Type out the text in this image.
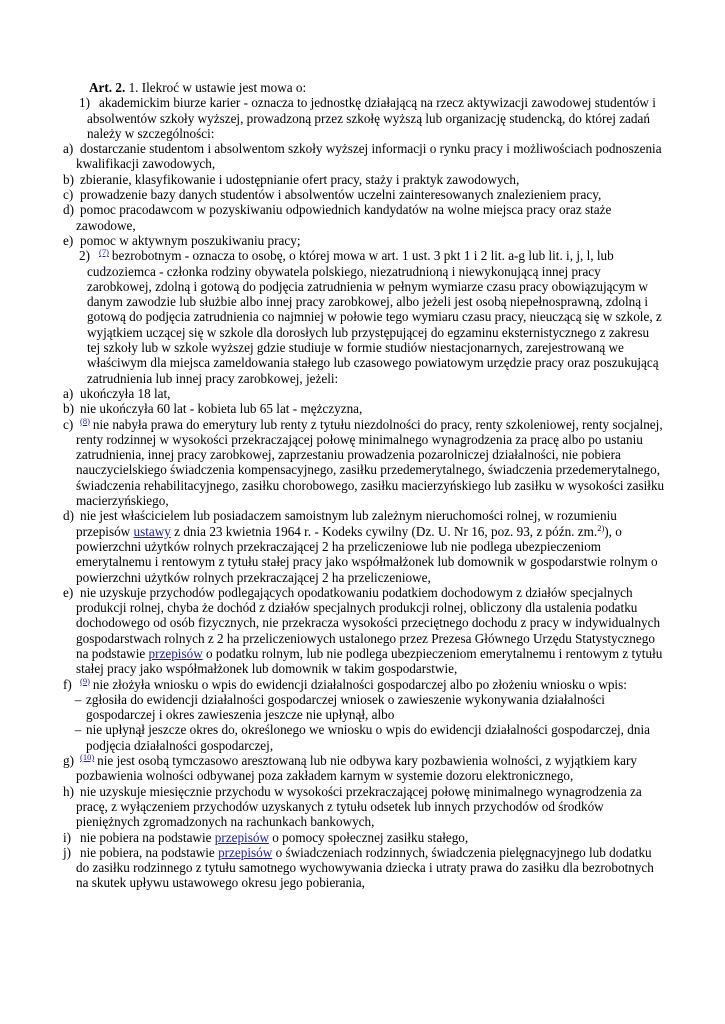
Art. 2. 1. Ilekroć w ustawie jest mowa o:

1) akademickim biurze karier - oznacza to jednostkę działającą na rzecz aktywizacji zawodowej studentów i absolwentów szkoły wyższej, prowadzoną przez szkołę wyższą lub organizację studencką, do której zadań należy w szczególności:

a) dostarczanie studentom i absolwentom szkoły wyższej informacji o rynku pracy i możliwościach podnoszenia kwalifikacji zawodowych,

b) zbieranie, klasyfikowanie i udostępnianie ofert pracy, staży i praktyk zawodowych,

c) prowadzenie bazy danych studentów i absolwentów uczelni zainteresowanych znalezieniem pracy,

d) pomoc pracodawcom w pozyskiwaniu odpowiednich kandydatów na wolne miejsca pracy oraz staże zawodowe,

e) pomoc w aktywnym poszukiwaniu pracy;

2) $^{(7)}$ bezrobotnym - oznacza to osobę, o której mowa w art. 1 ust. 3 pkt 1 i 2 lit. a-g lub lit. i, j, l, lub cudzoziemca - członka rodziny obywatela polskiego, niezatrudnioną i niewykonującą innej pracy zarobkowej, zdolną i gotową do podjęcia zatrudnienia w pełnym wymiarze czasu pracy obowiązującym w danym zawodzie lub służbie albo innej pracy zarobkowej, albo jeżeli jest osobą niepełnosprawną, zdolną i gotową do podjęcia zatrudnienia co najmniej w połowie tego wymiaru czasu pracy, nieuczącą się w szkole, z wyjątkiem uczącej się w szkole dla dorosłych lub przystępującej do egzaminu eksternistycznego z zakresu tej szkoły lub w szkole wyższej gdzie studiuje w formie studiów niestacjonarnych, zarejestrowaną we właściwym dla miejsca zameldowania stałego lub czasowego powiatowym urzędzie pracy oraz poszukującą zatrudnienia lub innej pracy zarobkowej, jeżeli:

a) ukończyła 18 lat,

b) nie ukończyła 60 lat - kobieta lub 65 lat - mężczyzna,

c) $^{(8)}$ nie nabyła prawa do emerytury lub renty z tytułu niezdolności do pracy, renty szkoleniowej, renty socjalnej, renty rodzinnej w wysokości przekraczającej połowę minimalnego wynagrodzenia za pracę albo po ustaniu zatrudnienia, innej pracy zarobkowej, zaprzestaniu prowadzenia pozarolniczej działalności, nie pobiera nauczycielskiego świadczenia kompensacyjnego, zasiłku przedemerytalnego, świadczenia przedemerytalnego, świadczenia rehabilitacyjnego, zasiłku chorobowego, zasiłku macierzyńskiego lub zasiłku w wysokości zasiłku macierzyńskiego,

d) nie jest właścicielem lub posiadaczem samoistnym lub zależnym nieruchomości rolnej, w rozumieniu przepisów ustawy z dnia 23 kwietnia 1964 r. - Kodeks cywilny (Dz. U. Nr 16, poz. 93, z późn. zm.$^{2)}$), o powierzchni użytków rolnych przekraczającej 2 ha przeliczeniowe lub nie podlega ubezpieczeniom emerytalnemu i rentowym z tytułu stałej pracy jako współmałżonek lub domownik w gospodarstwie rolnym o powierzchni użytków rolnych przekraczającej 2 ha przeliczeniowe,

e) nie uzyskuje przychodów podlegających opodatkowaniu podatkiem dochodowym z działów specjalnych produkcji rolnej, chyba że dochód z działów specjalnych produkcji rolnej, obliczony dla ustalenia podatku dochodowego od osób fizycznych, nie przekracza wysokości przeciętnego dochodu z pracy w indywidualnych gospodarstwach rolnych z 2 ha przeliczeniowych ustalonego przez Prezesa Głównego Urzędu Statystycznego na podstawie przepisów o podatku rolnym, lub nie podlega ubezpieczeniom emerytalnemu i rentowym z tytułu stałej pracy jako współmałżonek lub domownik w takim gospodarstwie,

f) $^{(9)}$ nie złożyła wniosku o wpis do ewidencji działalności gospodarczej albo po złożeniu wniosku o wpis:

– zgłosiła do ewidencji działalności gospodarczej wniosek o zawieszenie wykonywania działalności gospodarczej i okres zawieszenia jeszcze nie upłynął, albo

– nie upłynął jeszcze okres do, określonego we wniosku o wpis do ewidencji działalności gospodarczej, dnia podjęcia działalności gospodarczej,

g) $^{(10)}$ nie jest osobą tymczasowo aresztowaną lub nie odbywa kary pozbawienia wolności, z wyjątkiem kary pozbawienia wolności odbywanej poza zakładem karnym w systemie dozoru elektronicznego,

h) nie uzyskuje miesięcznie przychodu w wysokości przekraczającej połowę minimalnego wynagrodzenia za pracę, z wyłączeniem przychodów uzyskanych z tytułu odsetek lub innych przychodów od środków pieniężnych zgromadzonych na rachunkach bankowych,

i) nie pobiera na podstawie przepisów o pomocy społecznej zasiłku stałego,

j) nie pobiera, na podstawie przepisów o świadczeniach rodzinnych, świadczenia pielęgnacyjnego lub dodatku do zasiłku rodzinnego z tytułu samotnego wychowywania dziecka i utraty prawa do zasiłku dla bezrobotnych na skutek upływu ustawowego okresu jego pobierania,
